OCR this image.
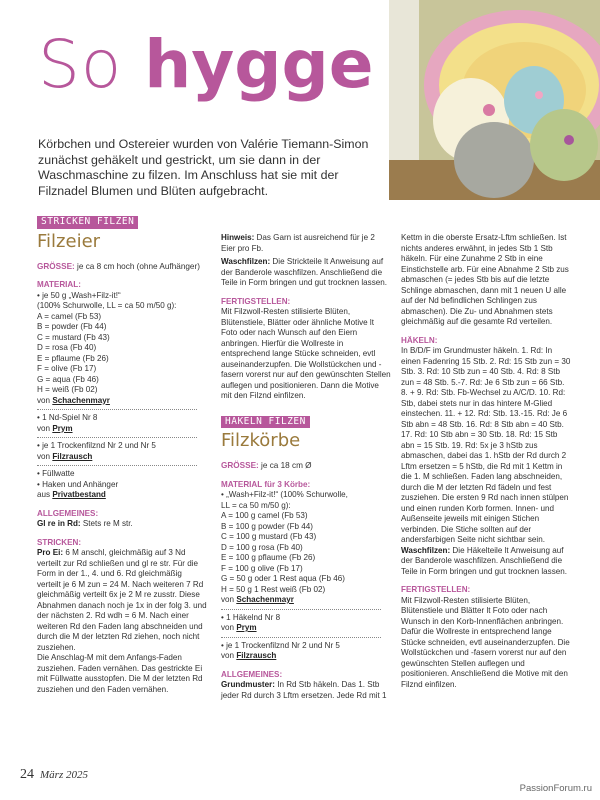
So hygge
Körbchen und Ostereier wurden von Valérie Tiemann-Simon zunächst gehäkelt und gestrickt, um sie dann in der Waschmaschine zu filzen. Im Anschluss hat sie mit der Filznadel Blumen und Blüten aufgebracht.
STRICKEN FILZEN
Filzeier
GRÖSSE: je ca 8 cm hoch (ohne Aufhänger)
MATERIAL:
• je 50 g „Wash+Filz-it!“
(100% Schurwolle, LL = ca 50 m/50 g):
A = camel (Fb 53)
B = powder (Fb 44)
C = mustard (Fb 43)
D = rosa (Fb 40)
E = pflaume (Fb 26)
F = olive (Fb 17)
G = aqua (Fb 46)
H = weiß (Fb 02)
von Schachenmayr
• 1 Nd-Spiel Nr 8
von Prym
• je 1 Trockenfilznd Nr 2 und Nr 5
von Filzrausch
• Füllwatte
• Haken und Anhänger
aus Privatbestand
ALLGEMEINES:
Gl re in Rd: Stets re M str.
STRICKEN:
Pro Ei: 6 M anschl, gleichmäßig auf 3 Nd verteilt zur Rd schließen und gl re str. Für die Form in der 1., 4. und 6. Rd gleichmäßig verteilt je 6 M zun = 24 M. Nach weiteren 7 Rd gleichmäßig verteilt 6x je 2 M re zusstr. Diese Abnahmen danach noch je 1x in der folg 3. und der nächsten 2. Rd wdh = 6 M. Nach einer weiteren Rd den Faden lang abschneiden und durch die M der letzten Rd ziehen, noch nicht zusziehen.
Die Anschlag-M mit dem Anfangs-Faden zusziehen. Faden vernähen. Das gestrickte Ei mit Füllwatte ausstopfen. Die M der letzten Rd zusziehen und den Faden vernähen.
Hinweis: Das Garn ist ausreichend für je 2 Eier pro Fb.
Waschfilzen: Die Strickteile lt Anweisung auf der Banderole waschfilzen. Anschließend die Teile in Form bringen und gut trocknen lassen.
FERTIGSTELLEN:
Mit Filzwoll-Resten stilisierte Blüten, Blütenstiele, Blätter oder ähnliche Motive lt Foto oder nach Wunsch auf den Eiern anbringen. Hierfür die Wollreste in entsprechend lange Stücke schneiden, evtl auseinanderzupfen. Die Wollstückchen und -fasern vorerst nur auf den gewünschten Stellen auflegen und positionieren. Dann die Motive mit den Filznd einfilzen.
HÄKELN FILZEN
Filzkörbe
GRÖSSE: je ca 18 cm Ø
MATERIAL für 3 Körbe:
• „Wash+Filz-it!“ (100% Schurwolle,
LL = ca 50 m/50 g):
A = 100 g camel (Fb 53)
B = 100 g powder (Fb 44)
C = 100 g mustard (Fb 43)
D = 100 g rosa (Fb 40)
E = 100 g pflaume (Fb 26)
F = 100 g olive (Fb 17)
G = 50 g oder 1 Rest aqua (Fb 46)
H = 50 g 1 Rest weiß (Fb 02)
von Schachenmayr
• 1 Häkelnd Nr 8
von Prym
• je 1 Trockenfilznd Nr 2 und Nr 5
von Filzrausch
ALLGEMEINES:
Grundmuster: In Rd Stb häkeln. Das 1. Stb jeder Rd durch 3 Lftm ersetzen. Jede Rd mit 1
Kettm in die oberste Ersatz-Lftm schließen. Ist nichts anderes erwähnt, in jedes Stb 1 Stb häkeln. Für eine Zunahme 2 Stb in eine Einstichstelle arb. Für eine Abnahme 2 Stb zus abmaschen (= jedes Stb bis auf die letzte Schlinge abmaschen, dann mit 1 neuen U alle auf der Nd befindlichen Schlingen zus abmaschen). Die Zu- und Abnahmen stets gleichmäßig auf die gesamte Rd verteilen.
HÄKELN:
In B/D/F im Grundmuster häkeln. 1. Rd: In einen Fadenring 15 Stb. 2. Rd: 15 Stb zun = 30 Stb. 3. Rd: 10 Stb zun = 40 Stb. 4. Rd: 8 Stb zun = 48 Stb. 5.-7. Rd: Je 6 Stb zun = 66 Stb. 8. + 9. Rd: Stb. Fb-Wechsel zu A/C/D. 10. Rd: Stb, dabei stets nur in das hintere M-Glied einstechen. 11. + 12. Rd: Stb. 13.-15. Rd: Je 6 Stb abn = 48 Stb. 16. Rd: 8 Stb abn = 40 Stb. 17. Rd: 10 Stb abn = 30 Stb. 18. Rd: 15 Stb abn = 15 Stb. 19. Rd: 5x je 3 hStb zus abmaschen, dabei das 1. hStb der Rd durch 2 Lftm ersetzen = 5 hStb, die Rd mit 1 Kettm in die 1. M schließen. Faden lang abschneiden, durch die M der letzten Rd fädeln und fest zusziehen. Die ersten 9 Rd nach innen stülpen und einen runden Korb formen. Innen- und Außenseite jeweils mit einigen Stichen verbinden. Die Stiche sollten auf der andersfarbigen Seite nicht sichtbar sein.
Waschfilzen: Die Häkelteile lt Anweisung auf der Banderole waschfilzen. Anschließend die Teile in Form bringen und gut trocknen lassen.
FERTIGSTELLEN:
Mit Filzwoll-Resten stilisierte Blüten, Blütenstiele und Blätter lt Foto oder nach Wunsch in den Korb-Innenflächen anbringen. Dafür die Wollreste in entsprechend lange Stücke schneiden, evtl auseinanderzupfen. Die Wollstückchen und -fasern vorerst nur auf den gewünschten Stellen auflegen und positionieren. Anschließend die Motive mit den Filznd einfilzen.
24 März 2025
PassionForum.ru
